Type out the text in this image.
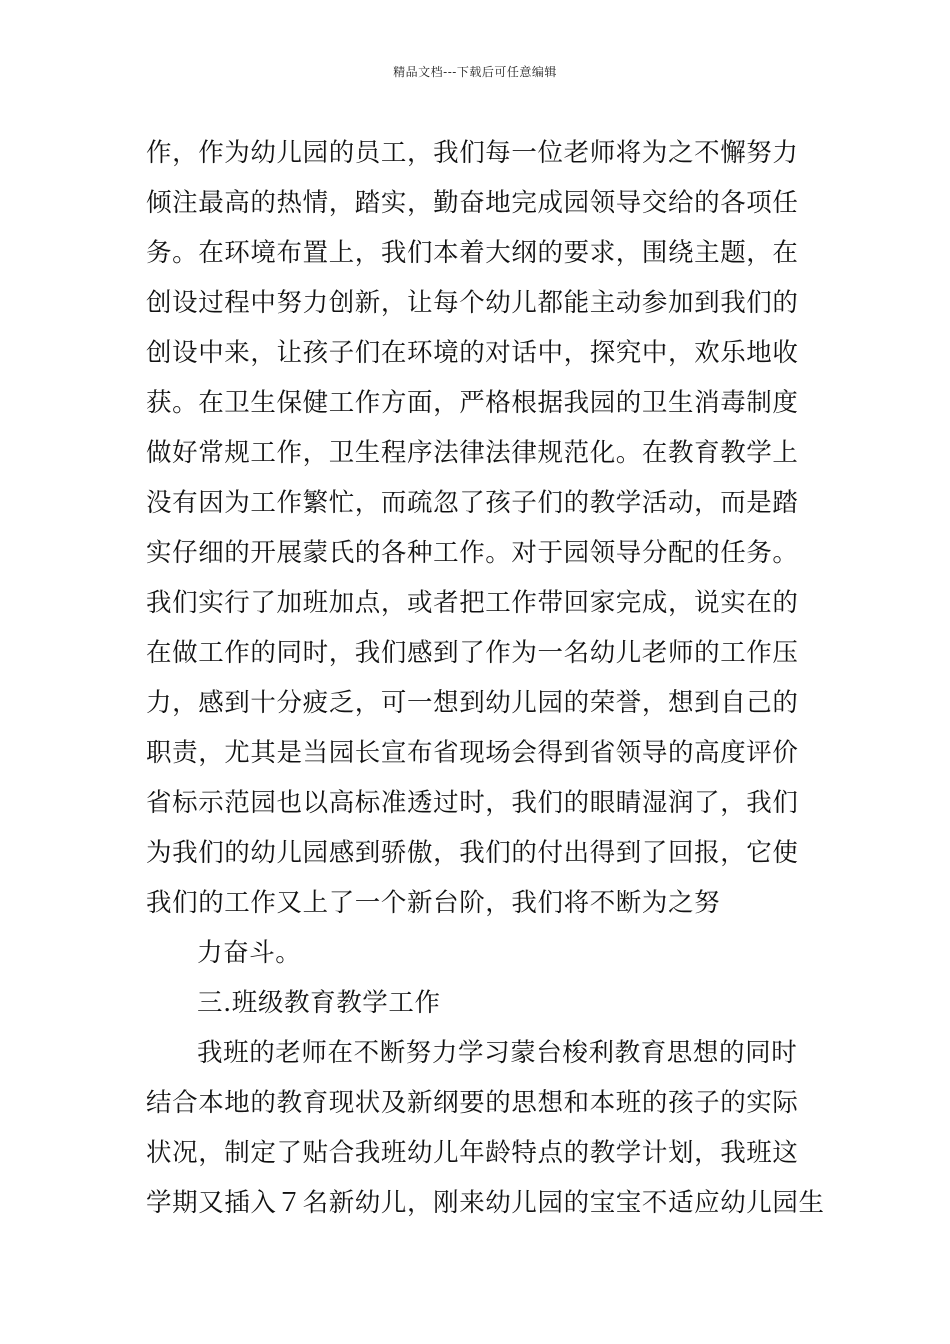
精品文档---下载后可任意编辑
作，作为幼儿园的员工，我们每一位老师将为之不懈努力
倾注最高的热情，踏实，勤奋地完成园领导交给的各项任
务。在环境布置上，我们本着大纲的要求，围绕主题，在
创设过程中努力创新，让每个幼儿都能主动参加到我们的
创设中来，让孩子们在环境的对话中，探究中，欢乐地收
获。在卫生保健工作方面，严格根据我园的卫生消毒制度
做好常规工作，卫生程序法律法律规范化。在教育教学上
没有因为工作繁忙，而疏忽了孩子们的教学活动，而是踏
实仔细的开展蒙氏的各种工作。对于园领导分配的任务。
我们实行了加班加点，或者把工作带回家完成，说实在的
在做工作的同时，我们感到了作为一名幼儿老师的工作压
力，感到十分疲乏，可一想到幼儿园的荣誉，想到自己的
职责，尤其是当园长宣布省现场会得到省领导的高度评价
省标示范园也以高标准透过时，我们的眼睛湿润了，我们
为我们的幼儿园感到骄傲，我们的付出得到了回报，它使
我们的工作又上了一个新台阶，我们将不断为之努
力奋斗。
三.班级教育教学工作
我班的老师在不断努力学习蒙台梭利教育思想的同时
结合本地的教育现状及新纲要的思想和本班的孩子的实际
状况，制定了贴合我班幼儿年龄特点的教学计划，我班这
学期又插入７名新幼儿，刚来幼儿园的宝宝不适应幼儿园生
